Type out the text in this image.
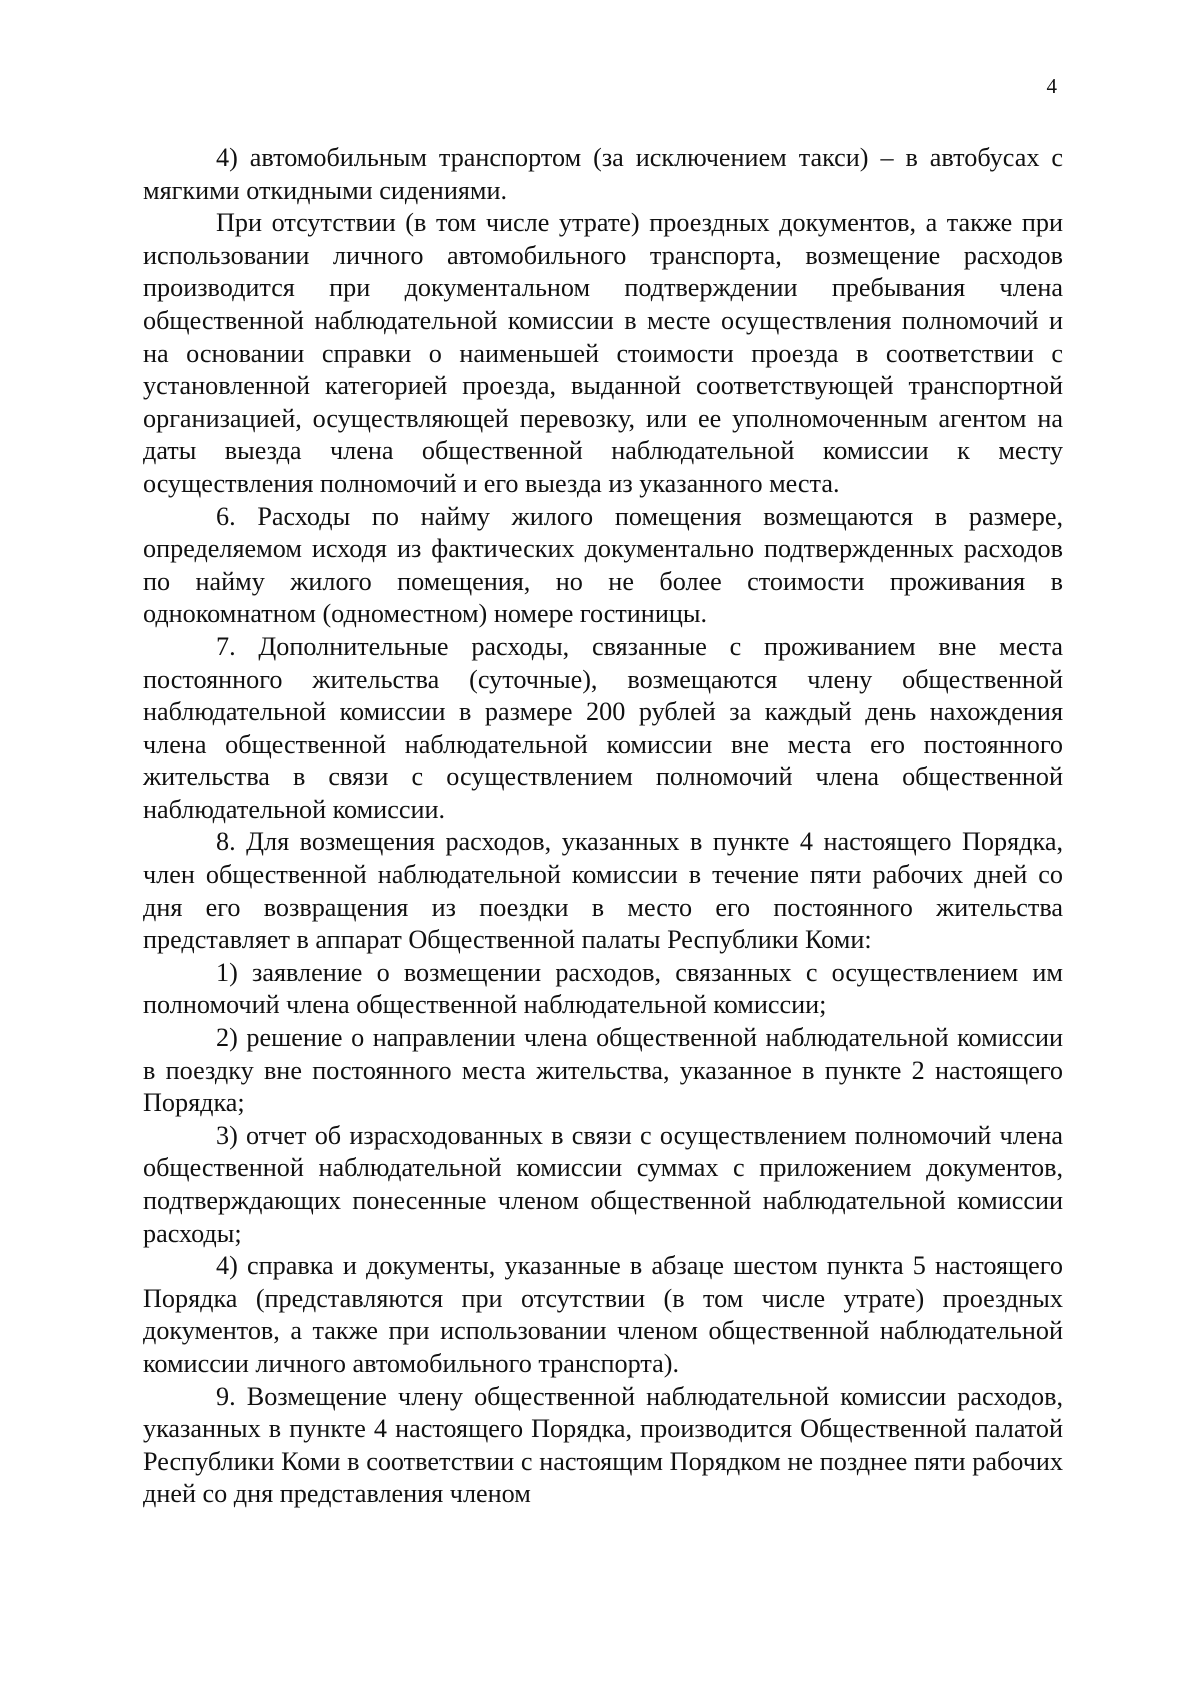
4

4) автомобильным транспортом (за исключением такси) – в автобусах с мягкими откидными сидениями.

При отсутствии (в том числе утрате) проездных документов, а также при использовании личного автомобильного транспорта, возмещение расходов производится при документальном подтверждении пребывания члена общественной наблюдательной комиссии в месте осуществления полномочий и на основании справки о наименьшей стоимости проезда в соответствии с установленной категорией проезда, выданной соответствующей транспортной организацией, осуществляющей перевозку, или ее уполномоченным агентом на даты выезда члена общественной наблюдательной комиссии к месту осуществления полномочий и его выезда из указанного места.

6. Расходы по найму жилого помещения возмещаются в размере, определяемом исходя из фактических документально подтвержденных расходов по найму жилого помещения, но не более стоимости проживания в однокомнатном (одноместном) номере гостиницы.

7. Дополнительные расходы, связанные с проживанием вне места постоянного жительства (суточные), возмещаются члену общественной наблюдательной комиссии в размере 200 рублей за каждый день нахождения члена общественной наблюдательной комиссии вне места его постоянного жительства в связи с осуществлением полномочий члена общественной наблюдательной комиссии.

8. Для возмещения расходов, указанных в пункте 4 настоящего Порядка, член общественной наблюдательной комиссии в течение пяти рабочих дней со дня его возвращения из поездки в место его постоянного жительства представляет в аппарат Общественной палаты Республики Коми:

1) заявление о возмещении расходов, связанных с осуществлением им полномочий члена общественной наблюдательной комиссии;

2) решение о направлении члена общественной наблюдательной комиссии в поездку вне постоянного места жительства, указанное в пункте 2 настоящего Порядка;

3) отчет об израсходованных в связи с осуществлением полномочий члена общественной наблюдательной комиссии суммах с приложением документов, подтверждающих понесенные членом общественной наблюдательной комиссии расходы;

4) справка и документы, указанные в абзаце шестом пункта 5 настоящего Порядка (представляются при отсутствии (в том числе утрате) проездных документов, а также при использовании членом общественной наблюдательной комиссии личного автомобильного транспорта).

9. Возмещение члену общественной наблюдательной комиссии расходов, указанных в пункте 4 настоящего Порядка, производится Общественной палатой Республики Коми в соответствии с настоящим Порядком не позднее пяти рабочих дней со дня представления членом
